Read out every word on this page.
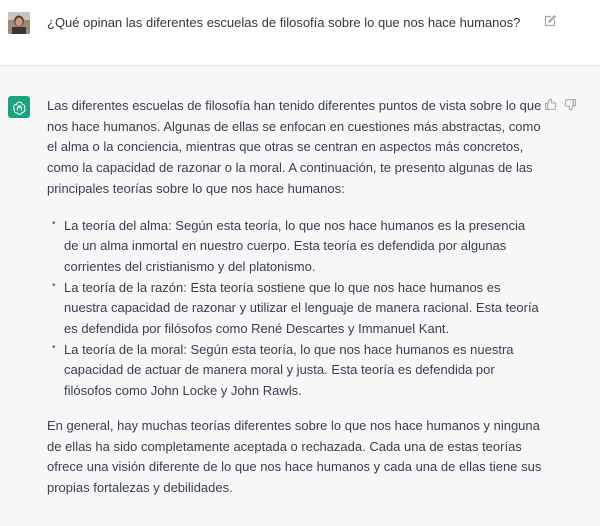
¿Qué opinan las diferentes escuelas de filosofía sobre lo que nos hace humanos?

Las diferentes escuelas de filosofía han tenido diferentes puntos de vista sobre lo que nos hace humanos. Algunas de ellas se enfocan en cuestiones más abstractas, como el alma o la conciencia, mientras que otras se centran en aspectos más concretos, como la capacidad de razonar o la moral. A continuación, te presento algunas de las principales teorías sobre lo que nos hace humanos:

• La teoría del alma: Según esta teoría, lo que nos hace humanos es la presencia de un alma inmortal en nuestro cuerpo. Esta teoría es defendida por algunas corrientes del cristianismo y del platonismo.
• La teoría de la razón: Esta teoría sostiene que lo que nos hace humanos es nuestra capacidad de razonar y utilizar el lenguaje de manera racional. Esta teoría es defendida por filósofos como René Descartes y Immanuel Kant.
• La teoría de la moral: Según esta teoría, lo que nos hace humanos es nuestra capacidad de actuar de manera moral y justa. Esta teoría es defendida por filósofos como John Locke y John Rawls.

En general, hay muchas teorías diferentes sobre lo que nos hace humanos y ninguna de ellas ha sido completamente aceptada o rechazada. Cada una de estas teorías ofrece una visión diferente de lo que nos hace humanos y cada una de ellas tiene sus propias fortalezas y debilidades.
